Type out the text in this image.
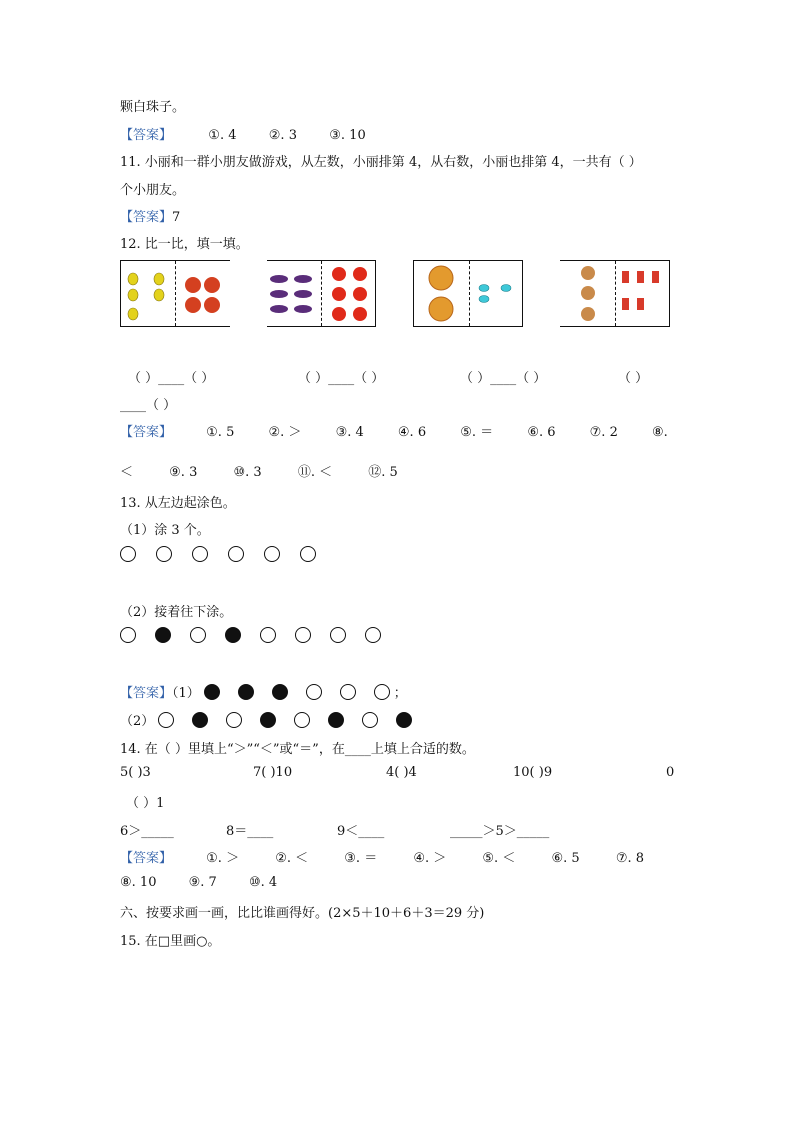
颗白珠子。
【答案】	①. 4 ②. 3 ③. 10
11. 小丽和一群小朋友做游戏，从左数，小丽排第 4，从右数，小丽也排第 4，一共有（ ）
个小朋友。
【答案】7
12. 比一比，填一填。
（ ）____（ ）	（ ）____（ ）	（ ）____（ ）	（ ）
____（ ）
【答案】	①. 5	②. ＞	③. 4	④. 6	⑤. ＝	⑥. 6	⑦. 2	⑧.
＜	⑨. 3	⑩. 3	⑪. ＜	⑫. 5
13. 从左边起涂色。
（1）涂 3 个。
（2）接着往下涂。
【答案】（1）	；
（2）
14. 在（ ）里填上“＞”“＜”或“＝”，在____上填上合适的数。
5( )3	7( )10	4( )4	10( )9	0
（ ）1
6＞_____	8＝____	9＜____	_____＞5＞_____
【答案】	①. ＞	②. ＜	③. ＝	④. ＞	⑤. ＜	⑥. 5	⑦. 8
⑧. 10 ⑨. 7 ⑩. 4
六、按要求画一画，比比谁画得好。(2×5＋10＋6＋3＝29 分)
15. 在□里画○。
